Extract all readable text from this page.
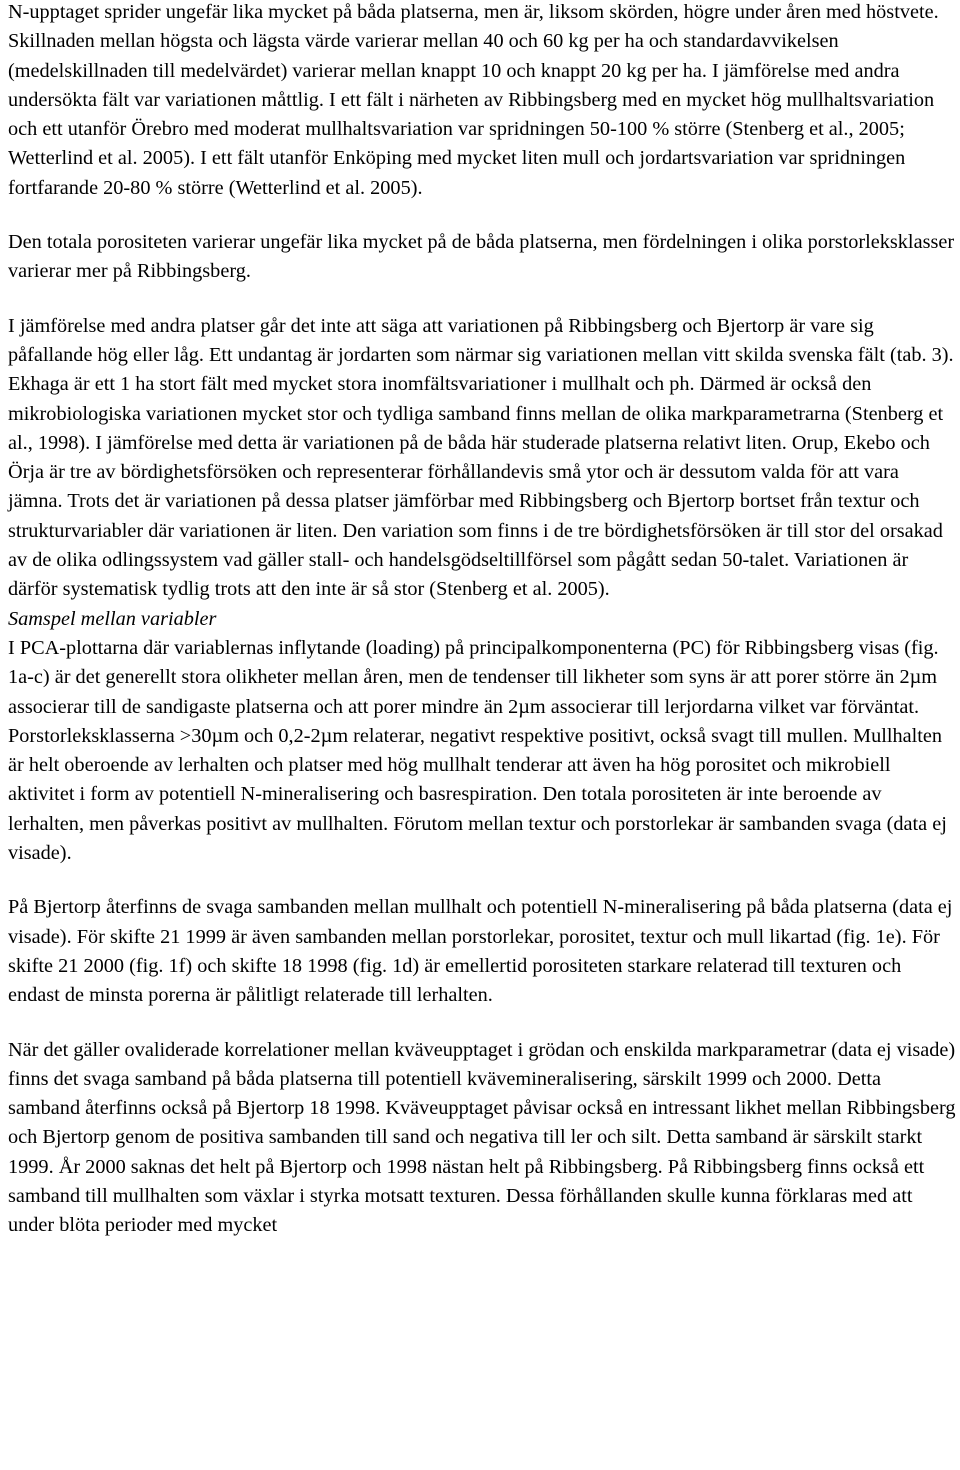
N-upptaget sprider ungefär lika mycket på båda platserna, men är, liksom skörden, högre under åren med höstvete. Skillnaden mellan högsta och lägsta värde varierar mellan 40 och 60 kg per ha och standardavvikelsen (medelskillnaden till medelvärdet) varierar mellan knappt 10 och knappt 20 kg per ha. I jämförelse med andra undersökta fält var variationen måttlig. I ett fält i närheten av Ribbingsberg med en mycket hög mullhaltsvariation och ett utanför Örebro med moderat mullhaltsvariation var spridningen 50-100 % större (Stenberg et al., 2005; Wetterlind et al. 2005). I ett fält utanför Enköping med mycket liten mull och jordartsvariation var spridningen fortfarande 20-80 % större (Wetterlind et al. 2005).

Den totala porositeten varierar ungefär lika mycket på de båda platserna, men fördelningen i olika porstorleksklasser varierar mer på Ribbingsberg.

I jämförelse med andra platser går det inte att säga att variationen på Ribbingsberg och Bjertorp är vare sig påfallande hög eller låg. Ett undantag är jordarten som närmar sig variationen mellan vitt skilda svenska fält (tab. 3). Ekhaga är ett 1 ha stort fält med mycket stora inomfältsvariationer i mullhalt och ph. Därmed är också den mikrobiologiska variationen mycket stor och tydliga samband finns mellan de olika markparametrarna (Stenberg et al., 1998). I jämförelse med detta är variationen på de båda här studerade platserna relativt liten. Orup, Ekebo och Örja är tre av bördighetsförsöken och representerar förhållandevis små ytor och är dessutom valda för att vara jämna. Trots det är variationen på dessa platser jämförbar med Ribbingsberg och Bjertorp bortset från textur och strukturvariabler där variationen är liten. Den variation som finns i de tre bördighetsförsöken är till stor del orsakad av de olika odlingssystem vad gäller stall- och handelsgödseltillförsel som pågått sedan 50-talet. Variationen är därför systematisk tydlig trots att den inte är så stor (Stenberg et al. 2005).

Samspel mellan variabler

I PCA-plottarna där variablernas inflytande (loading) på principalkomponenterna (PC) för Ribbingsberg visas (fig. 1a-c) är det generellt stora olikheter mellan åren, men de tendenser till likheter som syns är att porer större än 2µm associerar till de sandigaste platserna och att porer mindre än 2µm associerar till lerjordarna vilket var förväntat. Porstorleksklasserna >30µm och 0,2-2µm relaterar, negativt respektive positivt, också svagt till mullen. Mullhalten är helt oberoende av lerhalten och platser med hög mullhalt tenderar att även ha hög porositet och mikrobiell aktivitet i form av potentiell N-mineralisering och basrespiration. Den totala porositeten är inte beroende av lerhalten, men påverkas positivt av mullhalten. Förutom mellan textur och porstorlekar är sambanden svaga (data ej visade).

På Bjertorp återfinns de svaga sambanden mellan mullhalt och potentiell N-mineralisering på båda platserna (data ej visade). För skifte 21 1999 är även sambanden mellan porstorlekar, porositet, textur och mull likartad (fig. 1e). För skifte 21 2000 (fig. 1f) och skifte 18 1998 (fig. 1d) är emellertid porositeten starkare relaterad till texturen och endast de minsta porerna är pålitligt relaterade till lerhalten.

När det gäller ovaliderade korrelationer mellan kväveupptaget i grödan och enskilda markparametrar (data ej visade) finns det svaga samband på båda platserna till potentiell kvävemineralisering, särskilt 1999 och 2000. Detta samband återfinns också på Bjertorp 18 1998. Kväveupptaget påvisar också en intressant likhet mellan Ribbingsberg och Bjertorp genom de positiva sambanden till sand och negativa till ler och silt. Detta samband är särskilt starkt 1999. År 2000 saknas det helt på Bjertorp och 1998 nästan helt på Ribbingsberg. På Ribbingsberg finns också ett samband till mullhalten som växlar i styrka motsatt texturen. Dessa förhållanden skulle kunna förklaras med att under blöta perioder med mycket
